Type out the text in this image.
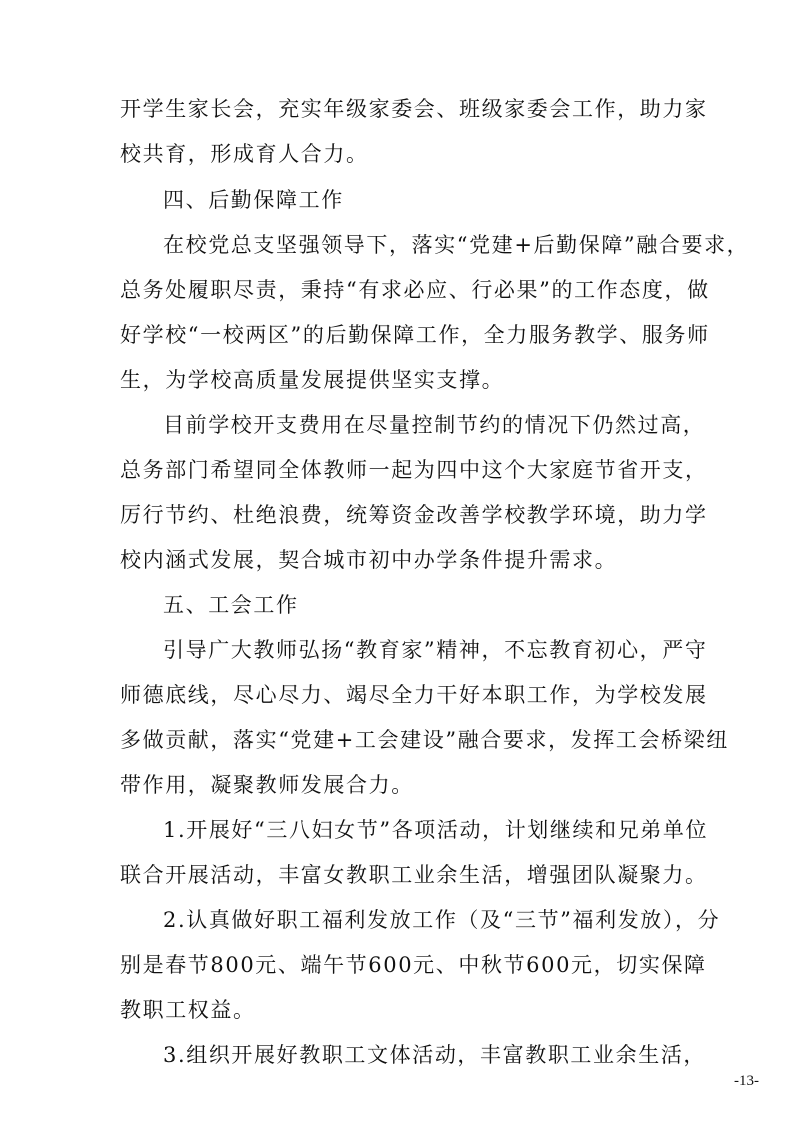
开学生家长会，充实年级家委会、班级家委会工作，助力家
校共育，形成育人合力。
四、后勤保障工作
在校党总支坚强领导下，落实“党建+后勤保障”融合要求，
总务处履职尽责，秉持“有求必应、行必果”的工作态度，做
好学校“一校两区”的后勤保障工作，全力服务教学、服务师
生，为学校高质量发展提供坚实支撑。
目前学校开支费用在尽量控制节约的情况下仍然过高，
总务部门希望同全体教师一起为四中这个大家庭节省开支，
厉行节约、杜绝浪费，统筹资金改善学校教学环境，助力学
校内涵式发展，契合城市初中办学条件提升需求。
五、工会工作
引导广大教师弘扬“教育家”精神，不忘教育初心，严守
师德底线，尽心尽力、竭尽全力干好本职工作，为学校发展
多做贡献，落实“党建+工会建设”融合要求，发挥工会桥梁纽
带作用，凝聚教师发展合力。
1.开展好“三八妇女节”各项活动，计划继续和兄弟单位
联合开展活动，丰富女教职工业余生活，增强团队凝聚力。
2.认真做好职工福利发放工作（及“三节”福利发放），分
别是春节800元、端午节600元、中秋节600元，切实保障
教职工权益。
3.组织开展好教职工文体活动，丰富教职工业余生活，
-13-
